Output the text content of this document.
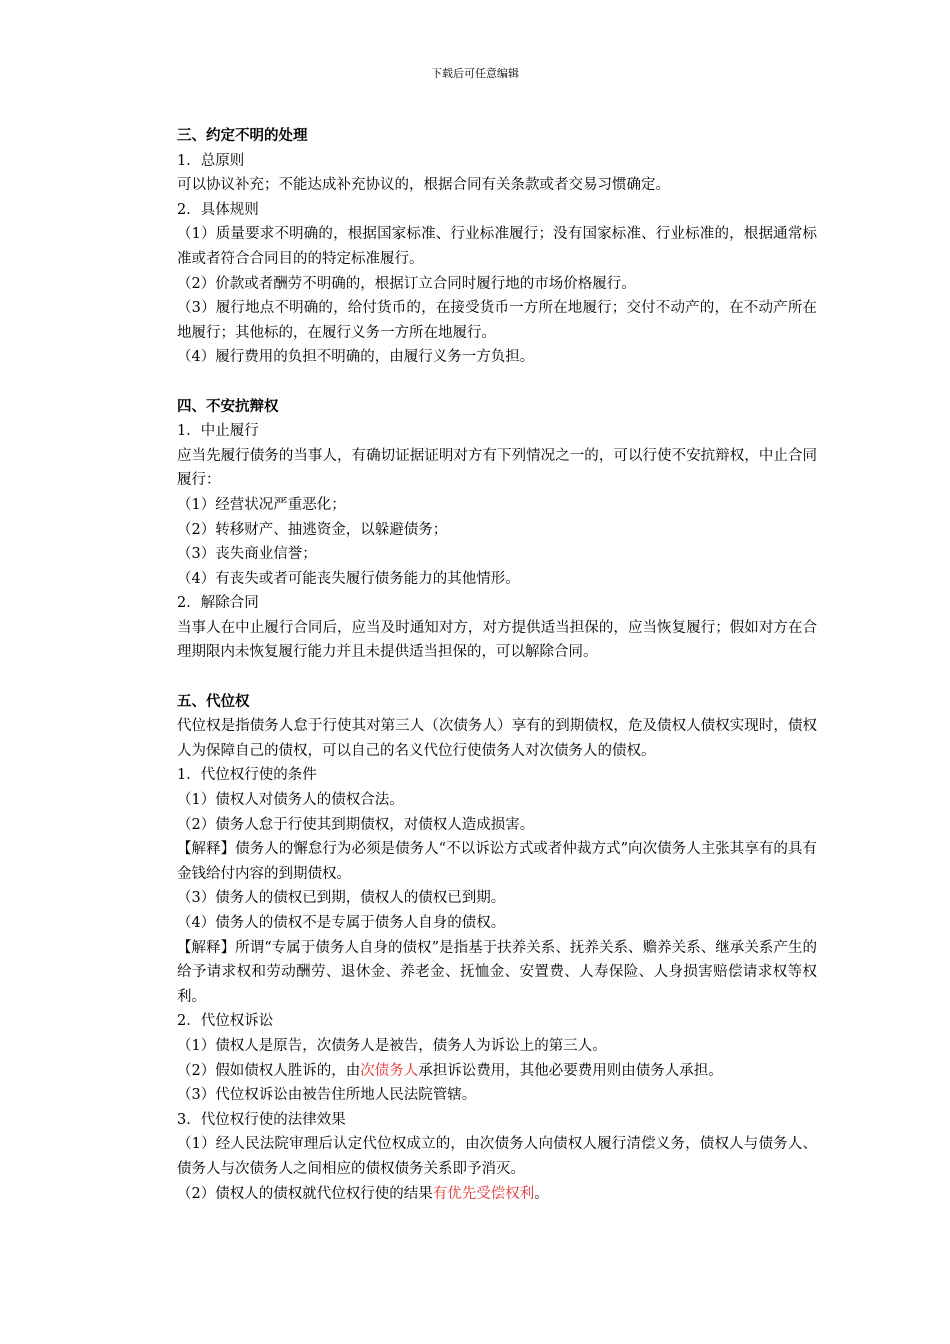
下载后可任意编辑

三、约定不明的处理

1．总原则

可以协议补充；不能达成补充协议的，根据合同有关条款或者交易习惯确定。

2．具体规则

（1）质量要求不明确的，根据国家标准、行业标准履行；没有国家标准、行业标准的，根据通常标准或者符合合同目的的特定标准履行。

（2）价款或者酬劳不明确的，根据订立合同时履行地的市场价格履行。

（3）履行地点不明确的，给付货币的，在接受货币一方所在地履行；交付不动产的，在不动产所在地履行；其他标的，在履行义务一方所在地履行。

（4）履行费用的负担不明确的，由履行义务一方负担。

四、不安抗辩权

1．中止履行

应当先履行债务的当事人，有确切证据证明对方有下列情况之一的，可以行使不安抗辩权，中止合同履行：

（1）经营状况严重恶化；

（2）转移财产、抽逃资金，以躲避债务；

（3）丧失商业信誉；

（4）有丧失或者可能丧失履行债务能力的其他情形。

2．解除合同

当事人在中止履行合同后，应当及时通知对方，对方提供适当担保的，应当恢复履行；假如对方在合理期限内未恢复履行能力并且未提供适当担保的，可以解除合同。

五、代位权

代位权是指债务人怠于行使其对第三人（次债务人）享有的到期债权，危及债权人债权实现时，债权人为保障自己的债权，可以自己的名义代位行使债务人对次债务人的债权。

1．代位权行使的条件

（1）债权人对债务人的债权合法。

（2）债务人怠于行使其到期债权，对债权人造成损害。

【解释】债务人的懈怠行为必须是债务人“不以诉讼方式或者仲裁方式”向次债务人主张其享有的具有金钱给付内容的到期债权。

（3）债务人的债权已到期，债权人的债权已到期。

（4）债务人的债权不是专属于债务人自身的债权。

【解释】所谓“专属于债务人自身的债权”是指基于扶养关系、抚养关系、赡养关系、继承关系产生的给予请求权和劳动酬劳、退休金、养老金、抚恤金、安置费、人寿保险、人身损害赔偿请求权等权利。

2．代位权诉讼

（1）债权人是原告，次债务人是被告，债务人为诉讼上的第三人。

（2）假如债权人胜诉的，由次债务人承担诉讼费用，其他必要费用则由债务人承担。

（3）代位权诉讼由被告住所地人民法院管辖。

3．代位权行使的法律效果

（1）经人民法院审理后认定代位权成立的，由次债务人向债权人履行清偿义务，债权人与债务人、债务人与次债务人之间相应的债权债务关系即予消灭。

（2）债权人的债权就代位权行使的结果有优先受偿权利。
